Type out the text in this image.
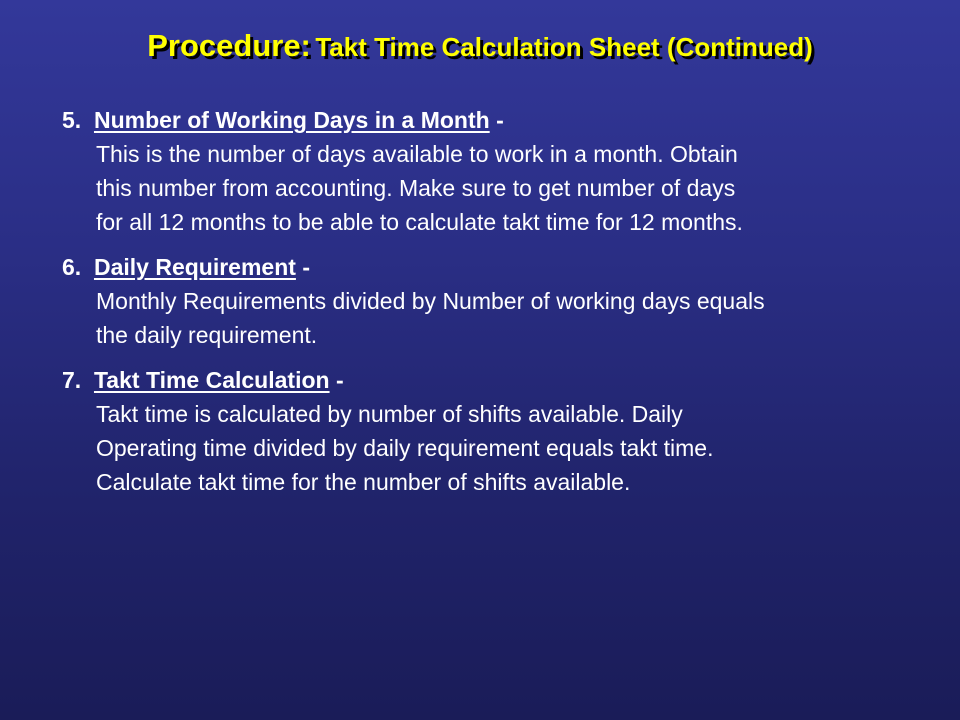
Procedure: Takt Time Calculation Sheet (Continued)
5. Number of Working Days in a Month -
This is the number of days available to work in a month. Obtain
this number from accounting. Make sure to get number of days
for all 12 months to be able to calculate takt time for 12 months.
6. Daily Requirement -
Monthly Requirements divided by Number of working days equals
the daily requirement.
7. Takt Time Calculation -
Takt time is calculated by number of shifts available. Daily
Operating time divided by daily requirement equals takt time.
Calculate takt time for the number of shifts available.
